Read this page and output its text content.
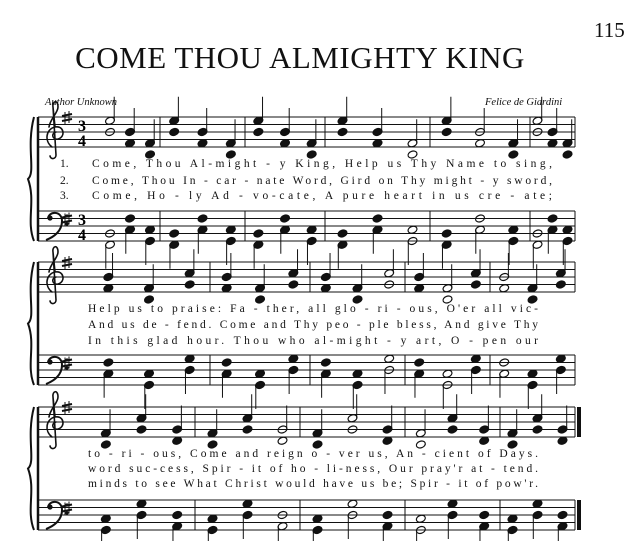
115
COME THOU ALMIGHTY KING
Author Unknown	Felice de Giardini
3
4
3
4
1. Come, Thou Al-might - y King, Help us Thy Name to sing,
2. Come, Thou In - car - nate Word, Gird on Thy might - y sword,
3. Come, Ho - ly Ad - vo-cate, A pure heart in us cre - ate;
Help us to praise: Fa - ther, all glo - ri - ous, O'er all vic-
And us de - fend. Come and Thy peo - ple bless, And give Thy
In this glad hour. Thou who al-might - y art, O - pen our
to - ri - ous, Come and reign o - ver us, An - cient of Days.
word suc-cess, Spir - it of ho - li-ness, Our pray'r at - tend.
minds to see What Christ would have us be; Spir - it of pow'r.
